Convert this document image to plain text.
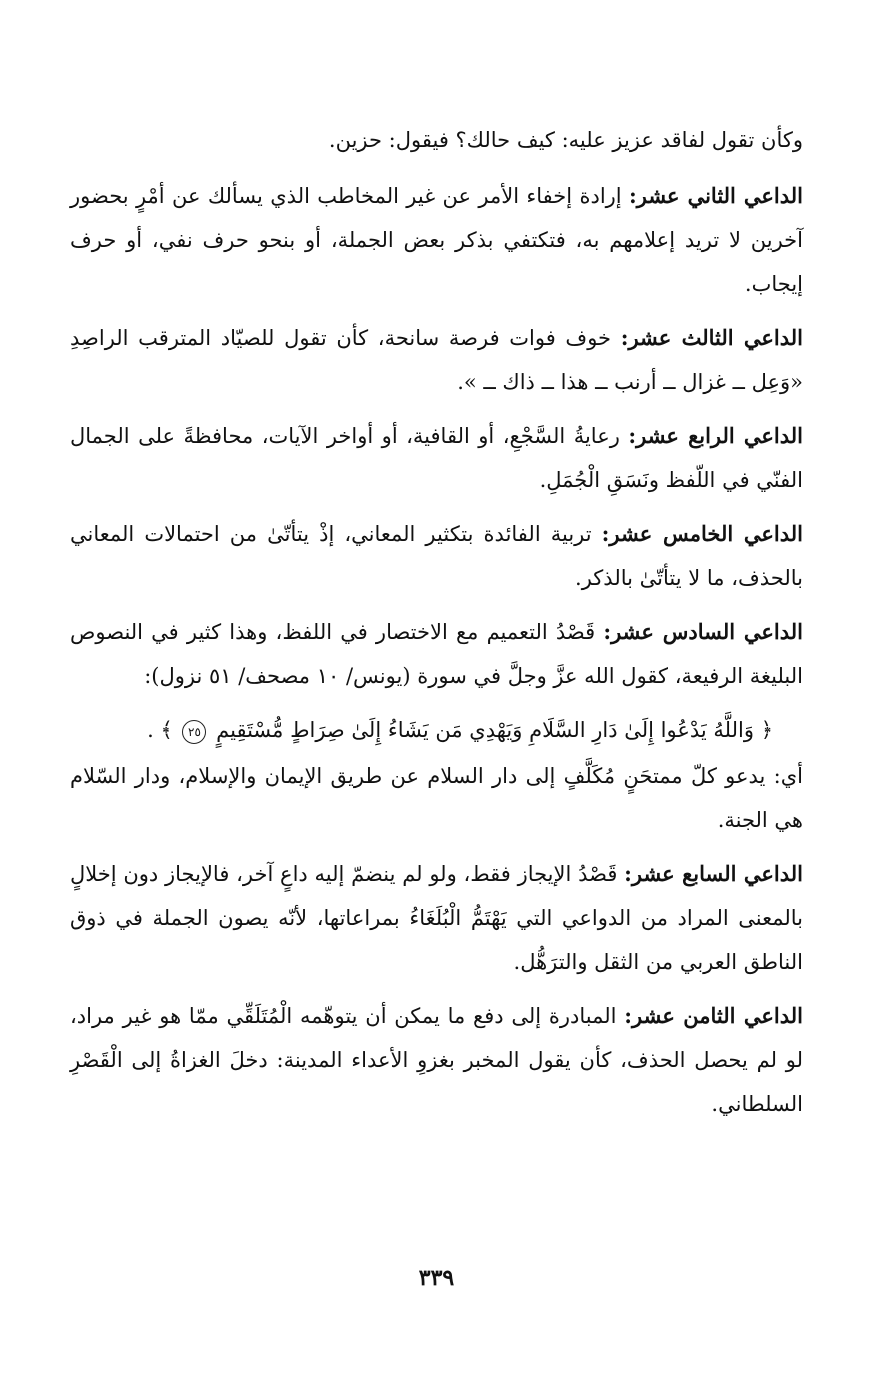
وكأن تقول لفاقد عزيز عليه: كيف حالك؟ فيقول: حزين.

الداعي الثاني عشر: إرادة إخفاء الأمر عن غير المخاطب الذي يسألك عن أمْرٍ بحضور آخرين لا تريد إعلامهم به، فتكتفي بذكر بعض الجملة، أو بنحو حرف نفي، أو حرف إيجاب.

الداعي الثالث عشر: خوف فوات فرصة سانحة، كأن تقول للصيّاد المترقب الراصِدِ «وَعِل ــ غزال ــ أرنب ــ هذا ــ ذاك ــ ».

الداعي الرابع عشر: رعايةُ السَّجْعِ، أو القافية، أو أواخر الآيات، محافظةً على الجمال الفنّي في اللّفظ ونَسَقِ الْجُمَلِ.

الداعي الخامس عشر: تربية الفائدة بتكثير المعاني، إذْ يتأتّىٰ من احتمالات المعاني بالحذف، ما لا يتأتّىٰ بالذكر.

الداعي السادس عشر: قَصْدُ التعميم مع الاختصار في اللفظ، وهذا كثير في النصوص البليغة الرفيعة، كقول الله عزَّ وجلَّ في سورة (يونس/ ١٠ مصحف/ ٥١ نزول):

﴿ وَاللَّهُ يَدْعُوا إِلَىٰ دَارِ السَّلَامِ وَيَهْدِي مَن يَشَاءُ إِلَىٰ صِرَاطٍ مُّسْتَقِيمٍ ٢٥ ﴾ .

أي: يدعو كلّ ممتحَنٍ مُكَلَّفٍ إلى دار السلام عن طريق الإيمان والإسلام، ودار السّلام هي الجنة.

الداعي السابع عشر: قَصْدُ الإيجاز فقط، ولو لم ينضمّ إليه داعٍ آخر، فالإيجاز دون إخلالٍ بالمعنى المراد من الدواعي التي يَهْتَمُّ الْبُلَغَاءُ بمراعاتها، لأنّه يصون الجملة في ذوق الناطق العربي من الثقل والترَهُّل.

الداعي الثامن عشر: المبادرة إلى دفع ما يمكن أن يتوهّمه الْمُتَلَقِّي ممّا هو غير مراد، لو لم يحصل الحذف، كأن يقول المخبر بغزوِ الأعداء المدينة: دخلَ الغزاةُ إلى الْقَصْرِ السلطاني.

٣٣٩
